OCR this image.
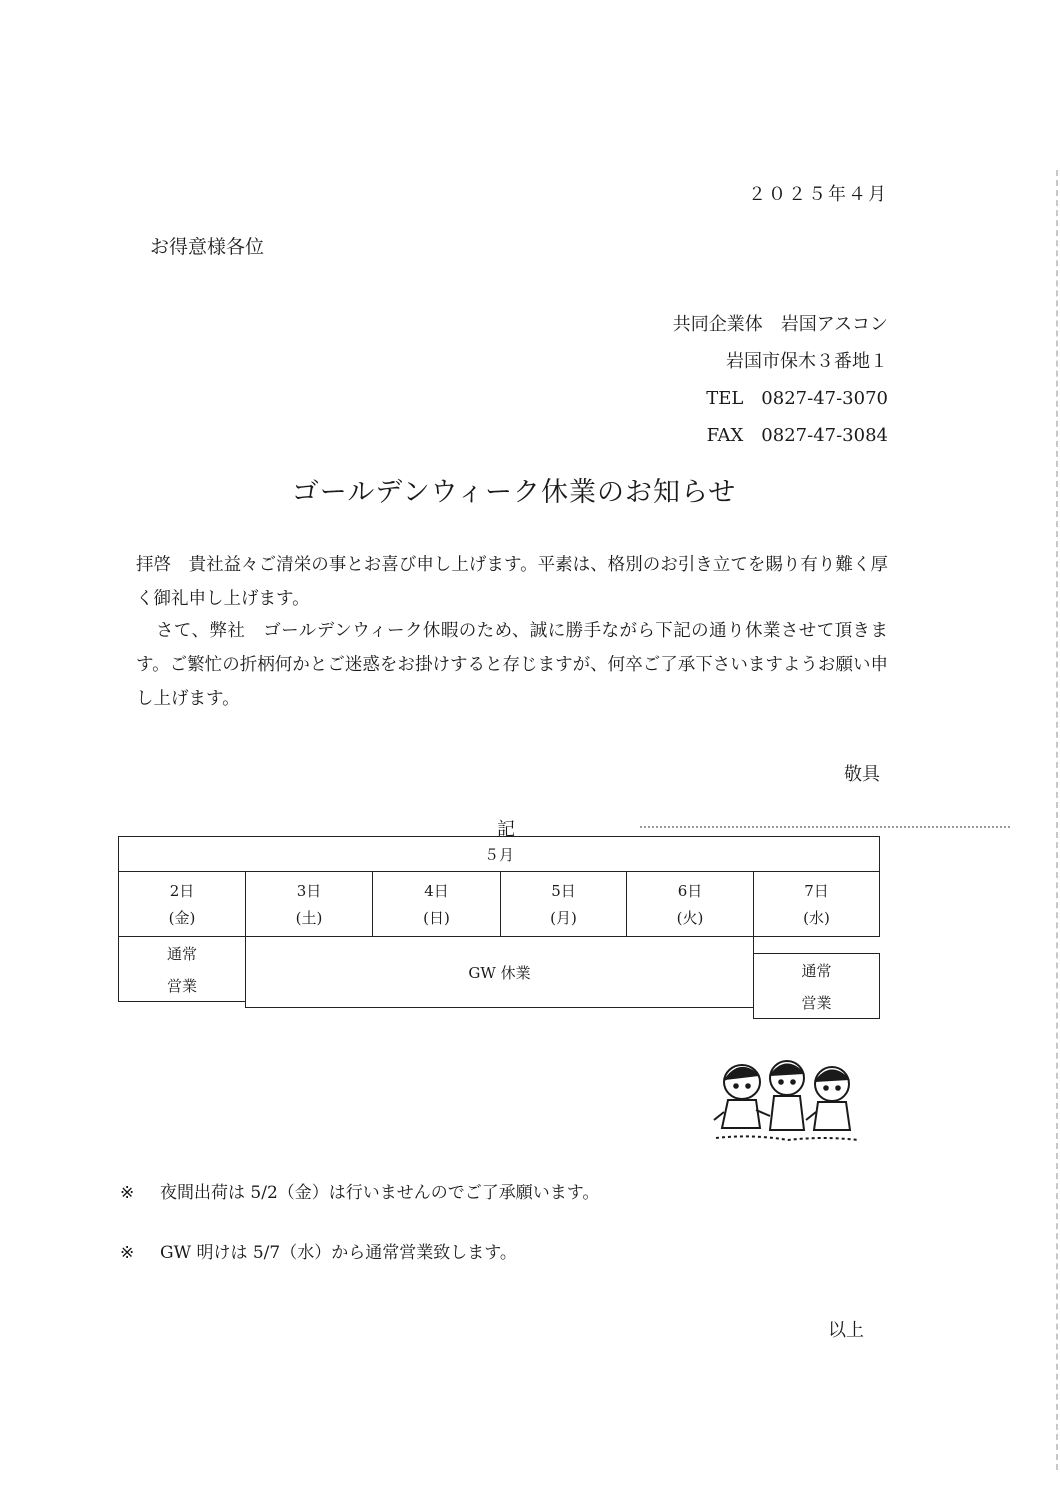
２０２５年４月
お得意様各位
共同企業体　岩国アスコン
岩国市保木３番地１
TEL　0827-47-3070
FAX　0827-47-3084
ゴールデンウィーク休業のお知らせ
拝啓　貴社益々ご清栄の事とお喜び申し上げます。平素は、格別のお引き立てを賜り有り難く厚く御礼申し上げます。
さて、弊社　ゴールデンウィーク休暇のため、誠に勝手ながら下記の通り休業させて頂きます。ご繁忙の折柄何かとご迷惑をお掛けすると存じますが、何卒ご了承下さいますようお願い申し上げます。
敬具
記
５月
2日
(金)
3日
(土)
4日
(日)
5日
(月)
6日
(火)
7日
(水)
通常
営業
GW 休業	通常
営業
※ 夜間出荷は 5/2（金）は行いませんのでご了承願います。
※ GW 明けは 5/7（水）から通常営業致します。
以上
